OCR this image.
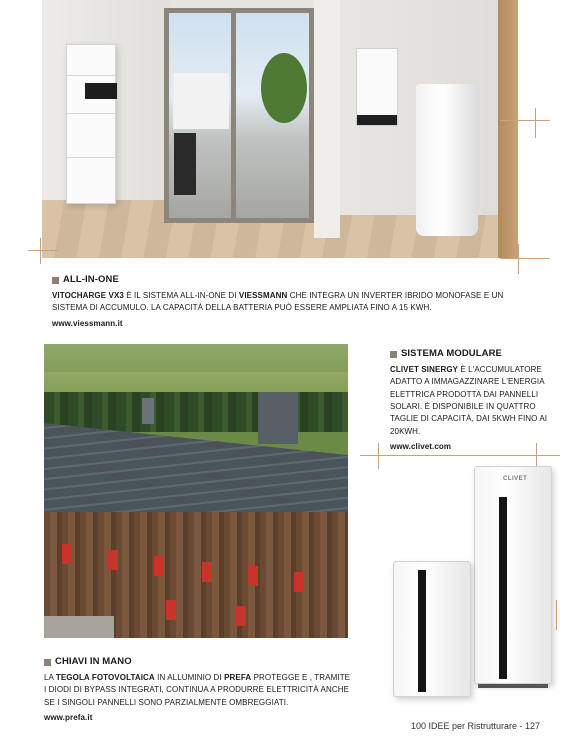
ALL-IN-ONE
VITOCHARGE VX3 È IL SISTEMA ALL-IN-ONE DI VIESSMANN CHE INTEGRA UN INVERTER IBRIDO MONOFASE E UN SISTEMA DI ACCUMULO. LA CAPACITÀ DELLA BATTERIA PUÒ ESSERE AMPLIATA FINO A 15 KWH.
www.viessmann.it
SISTEMA MODULARE
CLIVET SINERGY È L'ACCUMULATORE ADATTO A IMMAGAZZINARE L'ENERGIA ELETTRICA PRODOTTA DAI PANNELLI SOLARI. È DISPONIBILE IN QUATTRO TAGLIE DI CAPACITÀ, DAI 5KWH FINO AI 20KWH.
www.clivet.com
CLIVET
CHIAVI IN MANO
LA TEGOLA FOTOVOLTAICA IN ALLUMINIO DI PREFA PROTEGGE E , TRAMITE I DIODI DI BYPASS INTEGRATI, CONTINUA A PRODURRE ELETTRICITÀ ANCHE SE I SINGOLI PANNELLI SONO PARZIALMENTE OMBREGGIATI.
www.prefa.it
100 IDEE per Ristrutturare - 127
